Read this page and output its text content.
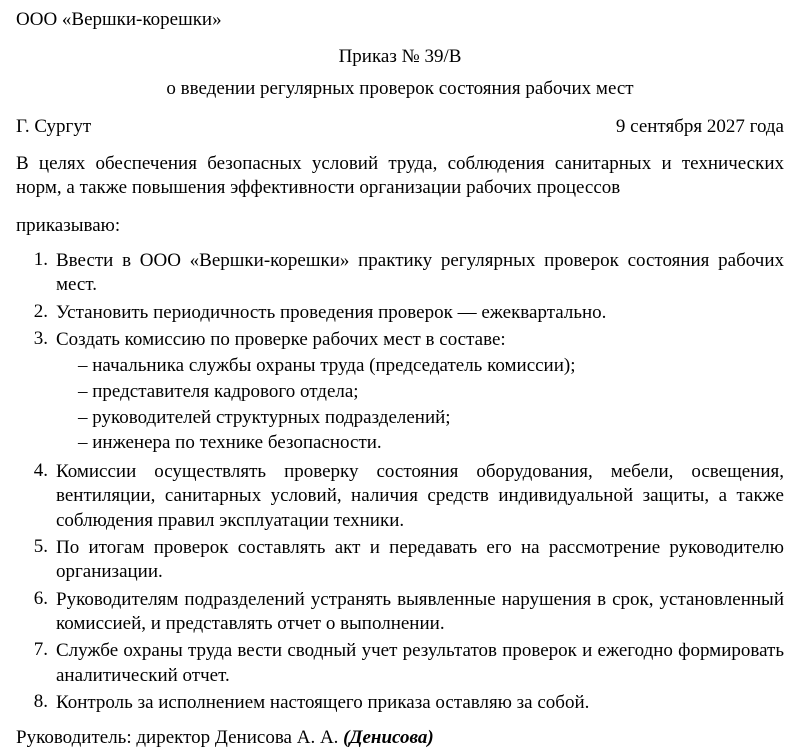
ООО «Вершки-корешки»
Приказ № 39/В
о введении регулярных проверок состояния рабочих мест
Г. Сургут	9 сентября 2027 года
В целях обеспечения безопасных условий труда, соблюдения санитарных и технических норм, а также повышения эффективности организации рабочих процессов
приказываю:
1. Ввести в ООО «Вершки-корешки» практику регулярных проверок состояния рабочих мест.
2. Установить периодичность проведения проверок — ежеквартально.
3. Создать комиссию по проверке рабочих мест в составе:
– начальника службы охраны труда (председатель комиссии);
– представителя кадрового отдела;
– руководителей структурных подразделений;
– инженера по технике безопасности.
4. Комиссии осуществлять проверку состояния оборудования, мебели, освещения, вентиляции, санитарных условий, наличия средств индивидуальной защиты, а также соблюдения правил эксплуатации техники.
5. По итогам проверок составлять акт и передавать его на рассмотрение руководителю организации.
6. Руководителям подразделений устранять выявленные нарушения в срок, установленный комиссией, и представлять отчет о выполнении.
7. Службе охраны труда вести сводный учет результатов проверок и ежегодно формировать аналитический отчет.
8. Контроль за исполнением настоящего приказа оставляю за собой.
Руководитель: директор Денисова А. А. (Денисова)
